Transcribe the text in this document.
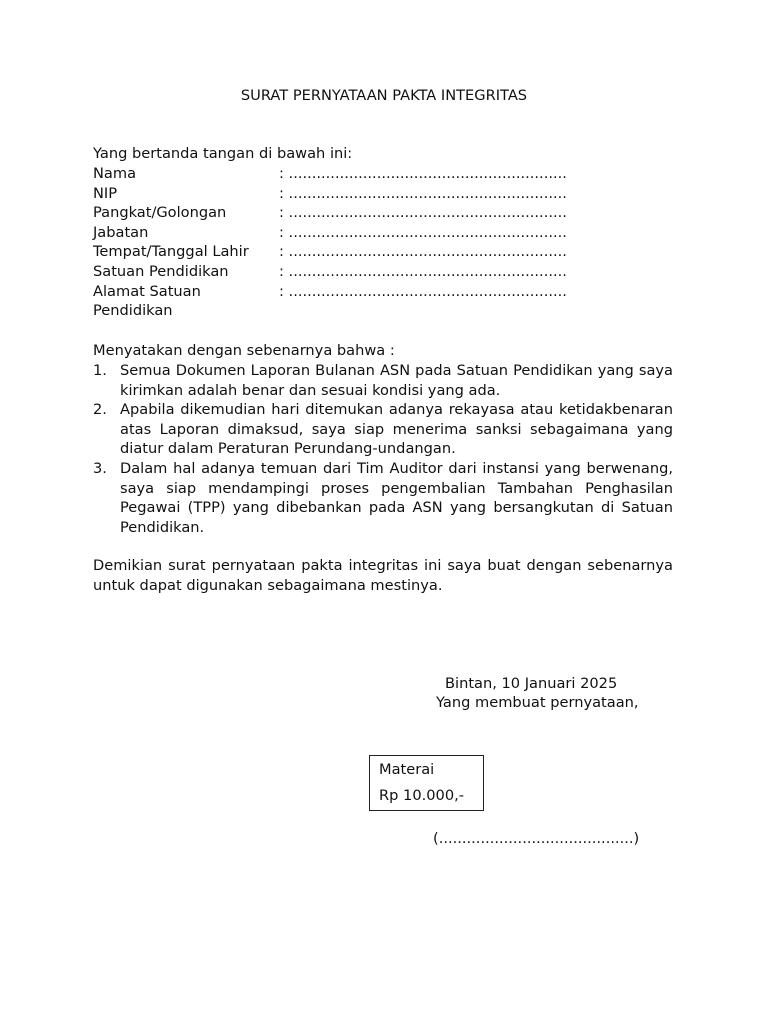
SURAT PERNYATAAN PAKTA INTEGRITAS
Yang bertanda tangan di bawah ini:
Nama	: ............................................................
NIP	: ............................................................
Pangkat/Golongan	: ............................................................
Jabatan	: ............................................................
Tempat/Tanggal Lahir	: ............................................................
Satuan Pendidikan	: ............................................................
Alamat Satuan Pendidikan
: ............................................................
Menyatakan dengan sebenarnya bahwa :
1. Semua Dokumen Laporan Bulanan ASN pada Satuan Pendidikan yang saya kirimkan adalah benar dan sesuai kondisi yang ada.
2. Apabila dikemudian hari ditemukan adanya rekayasa atau ketidakbenaran atas Laporan dimaksud, saya siap menerima sanksi sebagaimana yang diatur dalam Peraturan Perundang-undangan.
3. Dalam hal adanya temuan dari Tim Auditor dari instansi yang berwenang, saya siap mendampingi proses pengembalian Tambahan Penghasilan Pegawai (TPP) yang dibebankan pada ASN yang bersangkutan di Satuan Pendidikan.
Demikian surat pernyataan pakta integritas ini saya buat dengan sebenarnya untuk dapat digunakan sebagaimana mestinya.
Bintan, 10 Januari 2025
Yang membuat pernyataan,
Materai
Rp 10.000,-
(..........................................)
